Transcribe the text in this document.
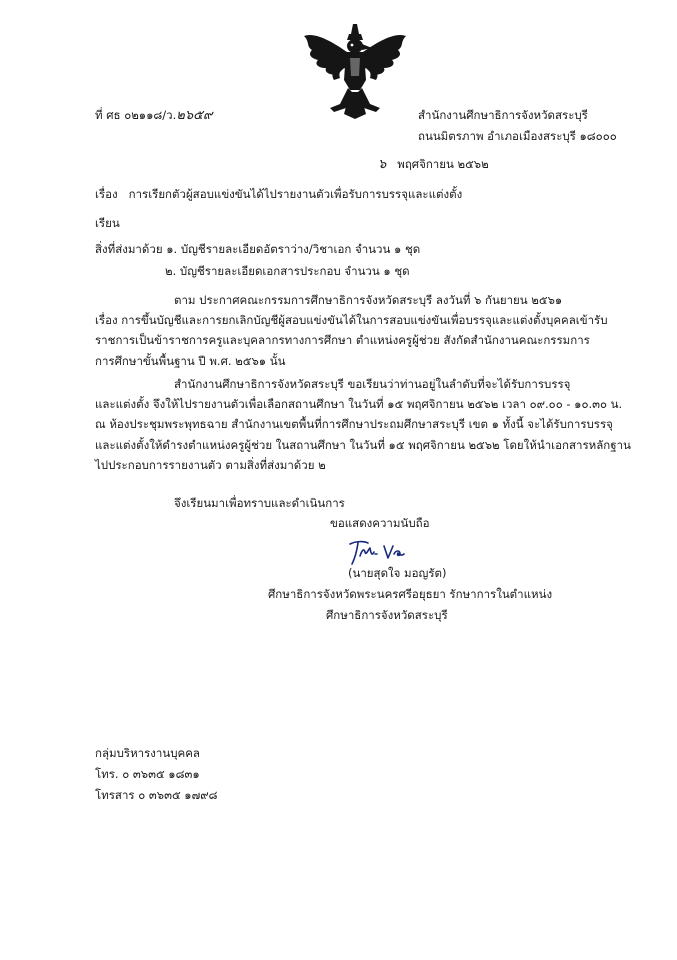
ที่ ศธ ๐๒๑๑๘/ว.๒๖๕๙	สำนักงานศึกษาธิการจังหวัดสระบุรี
ถนนมิตรภาพ อำเภอเมืองสระบุรี ๑๘๐๐๐
๖ พฤศจิกายน ๒๕๖๒
เรื่อง การเรียกตัวผู้สอบแข่งขันได้ไปรายงานตัวเพื่อรับการบรรจุและแต่งตั้ง
เรียน
สิ่งที่ส่งมาด้วย ๑. บัญชีรายละเอียดอัตราว่าง/วิชาเอก จำนวน ๑ ชุด
๒. บัญชีรายละเอียดเอกสารประกอบ จำนวน ๑ ชุด
ตาม ประกาศคณะกรรมการศึกษาธิการจังหวัดสระบุรี ลงวันที่ ๖ กันยายน ๒๕๖๑
เรื่อง การขึ้นบัญชีและการยกเลิกบัญชีผู้สอบแข่งขันได้ในการสอบแข่งขันเพื่อบรรจุและแต่งตั้งบุคคลเข้ารับ
ราชการเป็นข้าราชการครูและบุคลากรทางการศึกษา ตำแหน่งครูผู้ช่วย สังกัดสำนักงานคณะกรรมการ
การศึกษาขั้นพื้นฐาน ปี พ.ศ. ๒๕๖๑ นั้น
สำนักงานศึกษาธิการจังหวัดสระบุรี ขอเรียนว่าท่านอยู่ในลำดับที่จะได้รับการบรรจุ
และแต่งตั้ง จึงให้ไปรายงานตัวเพื่อเลือกสถานศึกษา ในวันที่ ๑๕ พฤศจิกายน ๒๕๖๒ เวลา ๐๙.๐๐ - ๑๐.๓๐ น.
ณ ห้องประชุมพระพุทธฉาย สำนักงานเขตพื้นที่การศึกษาประถมศึกษาสระบุรี เขต ๑ ทั้งนี้ จะได้รับการบรรจุ
และแต่งตั้งให้ดำรงตำแหน่งครูผู้ช่วย ในสถานศึกษา ในวันที่ ๑๕ พฤศจิกายน ๒๕๖๒ โดยให้นำเอกสารหลักฐาน
ไปประกอบการรายงานตัว ตามสิ่งที่ส่งมาด้วย ๒
จึงเรียนมาเพื่อทราบและดำเนินการ
ขอแสดงความนับถือ
(นายสุดใจ มอญรัต)
ศึกษาธิการจังหวัดพระนครศรีอยุธยา รักษาการในตำแหน่ง
ศึกษาธิการจังหวัดสระบุรี
กลุ่มบริหารงานบุคคล
โทร. ๐ ๓๖๓๕ ๑๘๓๑
โทรสาร ๐ ๓๖๓๕ ๑๗๙๘
